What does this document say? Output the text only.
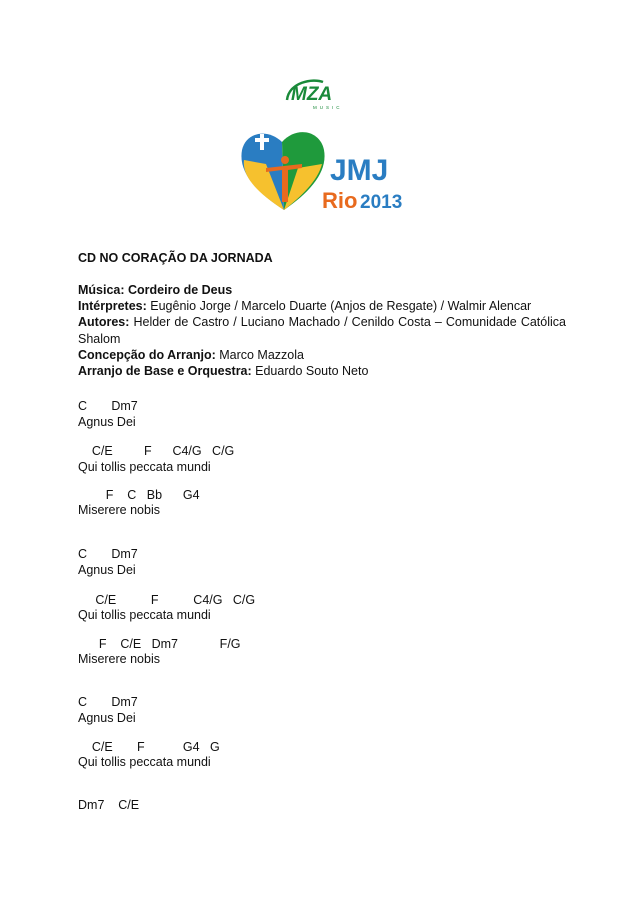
MZA
MUSIC
JMJ
Rio 2013
CD NO CORAÇÃO DA JORNADA
Música: Cordeiro de Deus
Intérpretes: Eugênio Jorge / Marcelo Duarte (Anjos de Resgate) / Walmir Alencar
Autores: Helder de Castro / Luciano Machado / Cenildo Costa – Comunidade Católica Shalom
Concepção do Arranjo: Marco Mazzola
Arranjo de Base e Orquestra: Eduardo Souto Neto
C       Dm7
Agnus Dei
C/E         F      C4/G   C/G
Qui tollis peccata mundi
F    C   Bb      G4
Miserere nobis
C       Dm7
Agnus Dei
C/E          F          C4/G   C/G
Qui tollis peccata mundi
F    C/E   Dm7            F/G
Miserere nobis
C       Dm7
Agnus Dei
C/E       F           G4   G
Qui tollis peccata mundi
Dm7    C/E
